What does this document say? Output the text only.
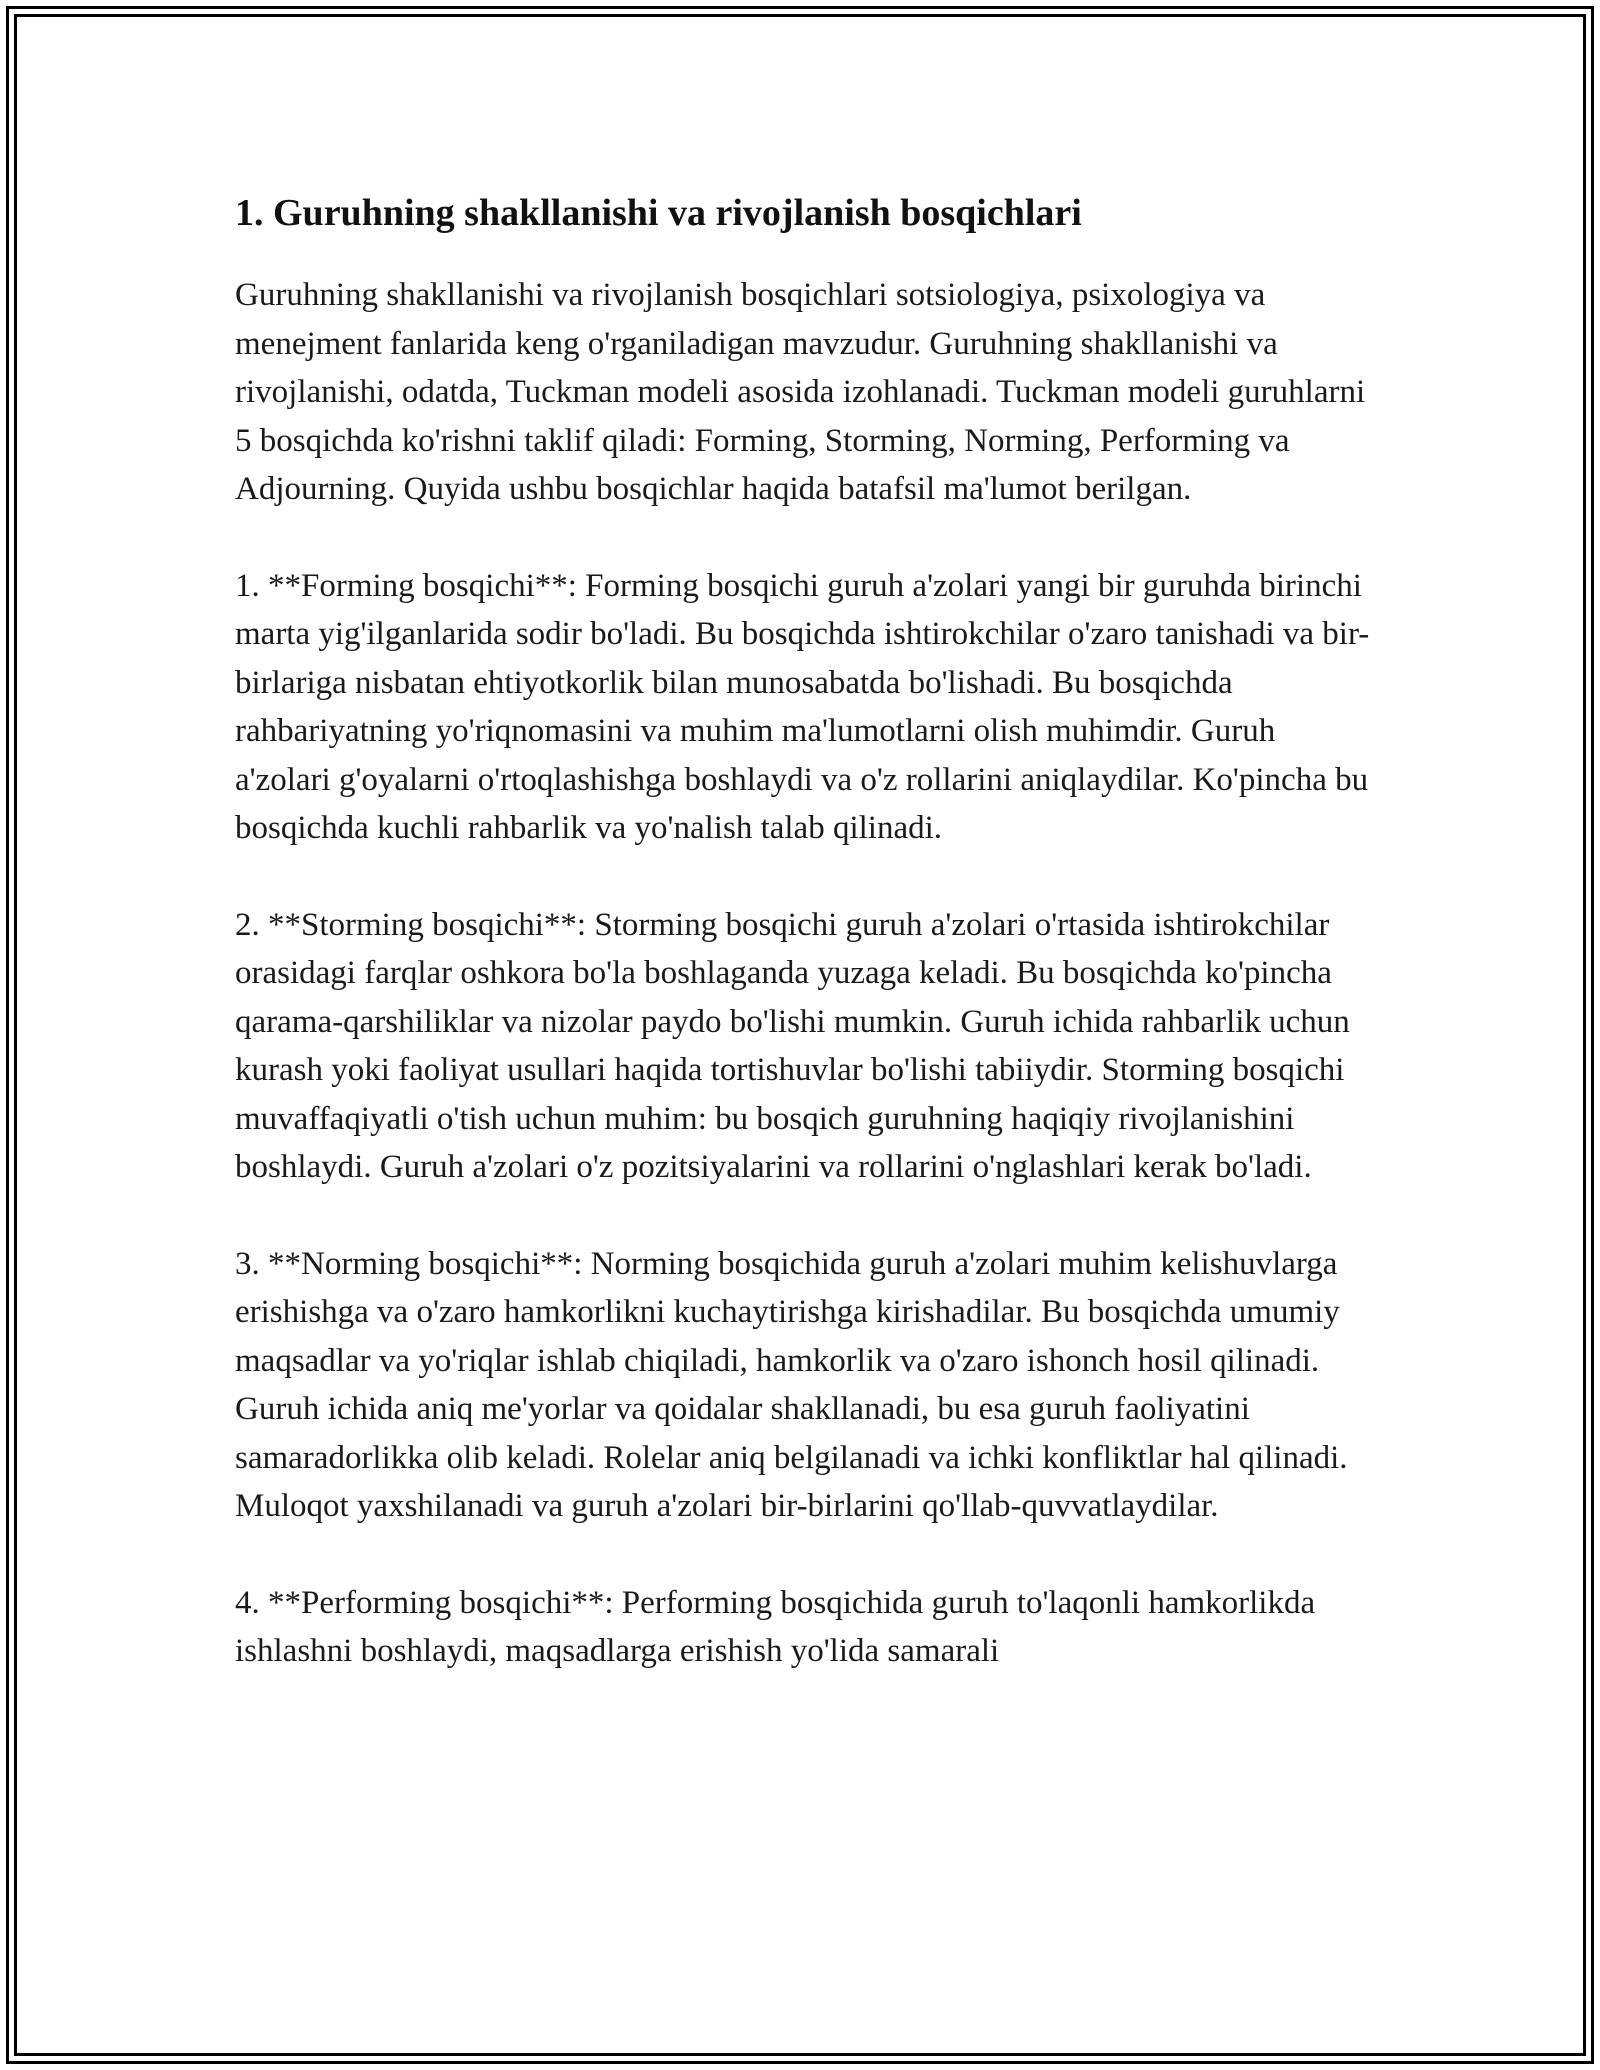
1. Guruhning shakllanishi va rivojlanish bosqichlari

Guruhning shakllanishi va rivojlanish bosqichlari sotsiologiya, psixologiya va menejment fanlarida keng o'rganiladigan mavzudur. Guruhning shakllanishi va rivojlanishi, odatda, Tuckman modeli asosida izohlanadi. Tuckman modeli guruhlarni 5 bosqichda ko'rishni taklif qiladi: Forming, Storming, Norming, Performing va Adjourning. Quyida ushbu bosqichlar haqida batafsil ma'lumot berilgan.

1. **Forming bosqichi**: Forming bosqichi guruh a'zolari yangi bir guruhda birinchi marta yig'ilganlarida sodir bo'ladi. Bu bosqichda ishtirokchilar o'zaro tanishadi va bir-birlariga nisbatan ehtiyotkorlik bilan munosabatda bo'lishadi. Bu bosqichda rahbariyatning yo'riqnomasini va muhim ma'lumotlarni olish muhimdir. Guruh a'zolari g'oyalarni o'rtoqlashishga boshlaydi va o'z rollarini aniqlaydilar. Ko'pincha bu bosqichda kuchli rahbarlik va yo'nalish talab qilinadi.

2. **Storming bosqichi**: Storming bosqichi guruh a'zolari o'rtasida ishtirokchilar orasidagi farqlar oshkora bo'la boshlaganda yuzaga keladi. Bu bosqichda ko'pincha qarama-qarshiliklar va nizolar paydo bo'lishi mumkin. Guruh ichida rahbarlik uchun kurash yoki faoliyat usullari haqida tortishuvlar bo'lishi tabiiydir. Storming bosqichi muvaffaqiyatli o'tish uchun muhim: bu bosqich guruhning haqiqiy rivojlanishini boshlaydi. Guruh a'zolari o'z pozitsiyalarini va rollarini o'nglashlari kerak bo'ladi.

3. **Norming bosqichi**: Norming bosqichida guruh a'zolari muhim kelishuvlarga erishishga va o'zaro hamkorlikni kuchaytirishga kirishadilar. Bu bosqichda umumiy maqsadlar va yo'riqlar ishlab chiqiladi, hamkorlik va o'zaro ishonch hosil qilinadi. Guruh ichida aniq me'yorlar va qoidalar shakllanadi, bu esa guruh faoliyatini samaradorlikka olib keladi. Rolelar aniq belgilanadi va ichki konfliktlar hal qilinadi. Muloqot yaxshilanadi va guruh a'zolari bir-birlarini qo'llab-quvvatlaydilar.

4. **Performing bosqichi**: Performing bosqichida guruh to'laqonli hamkorlikda ishlashni boshlaydi, maqsadlarga erishish yo'lida samarali
